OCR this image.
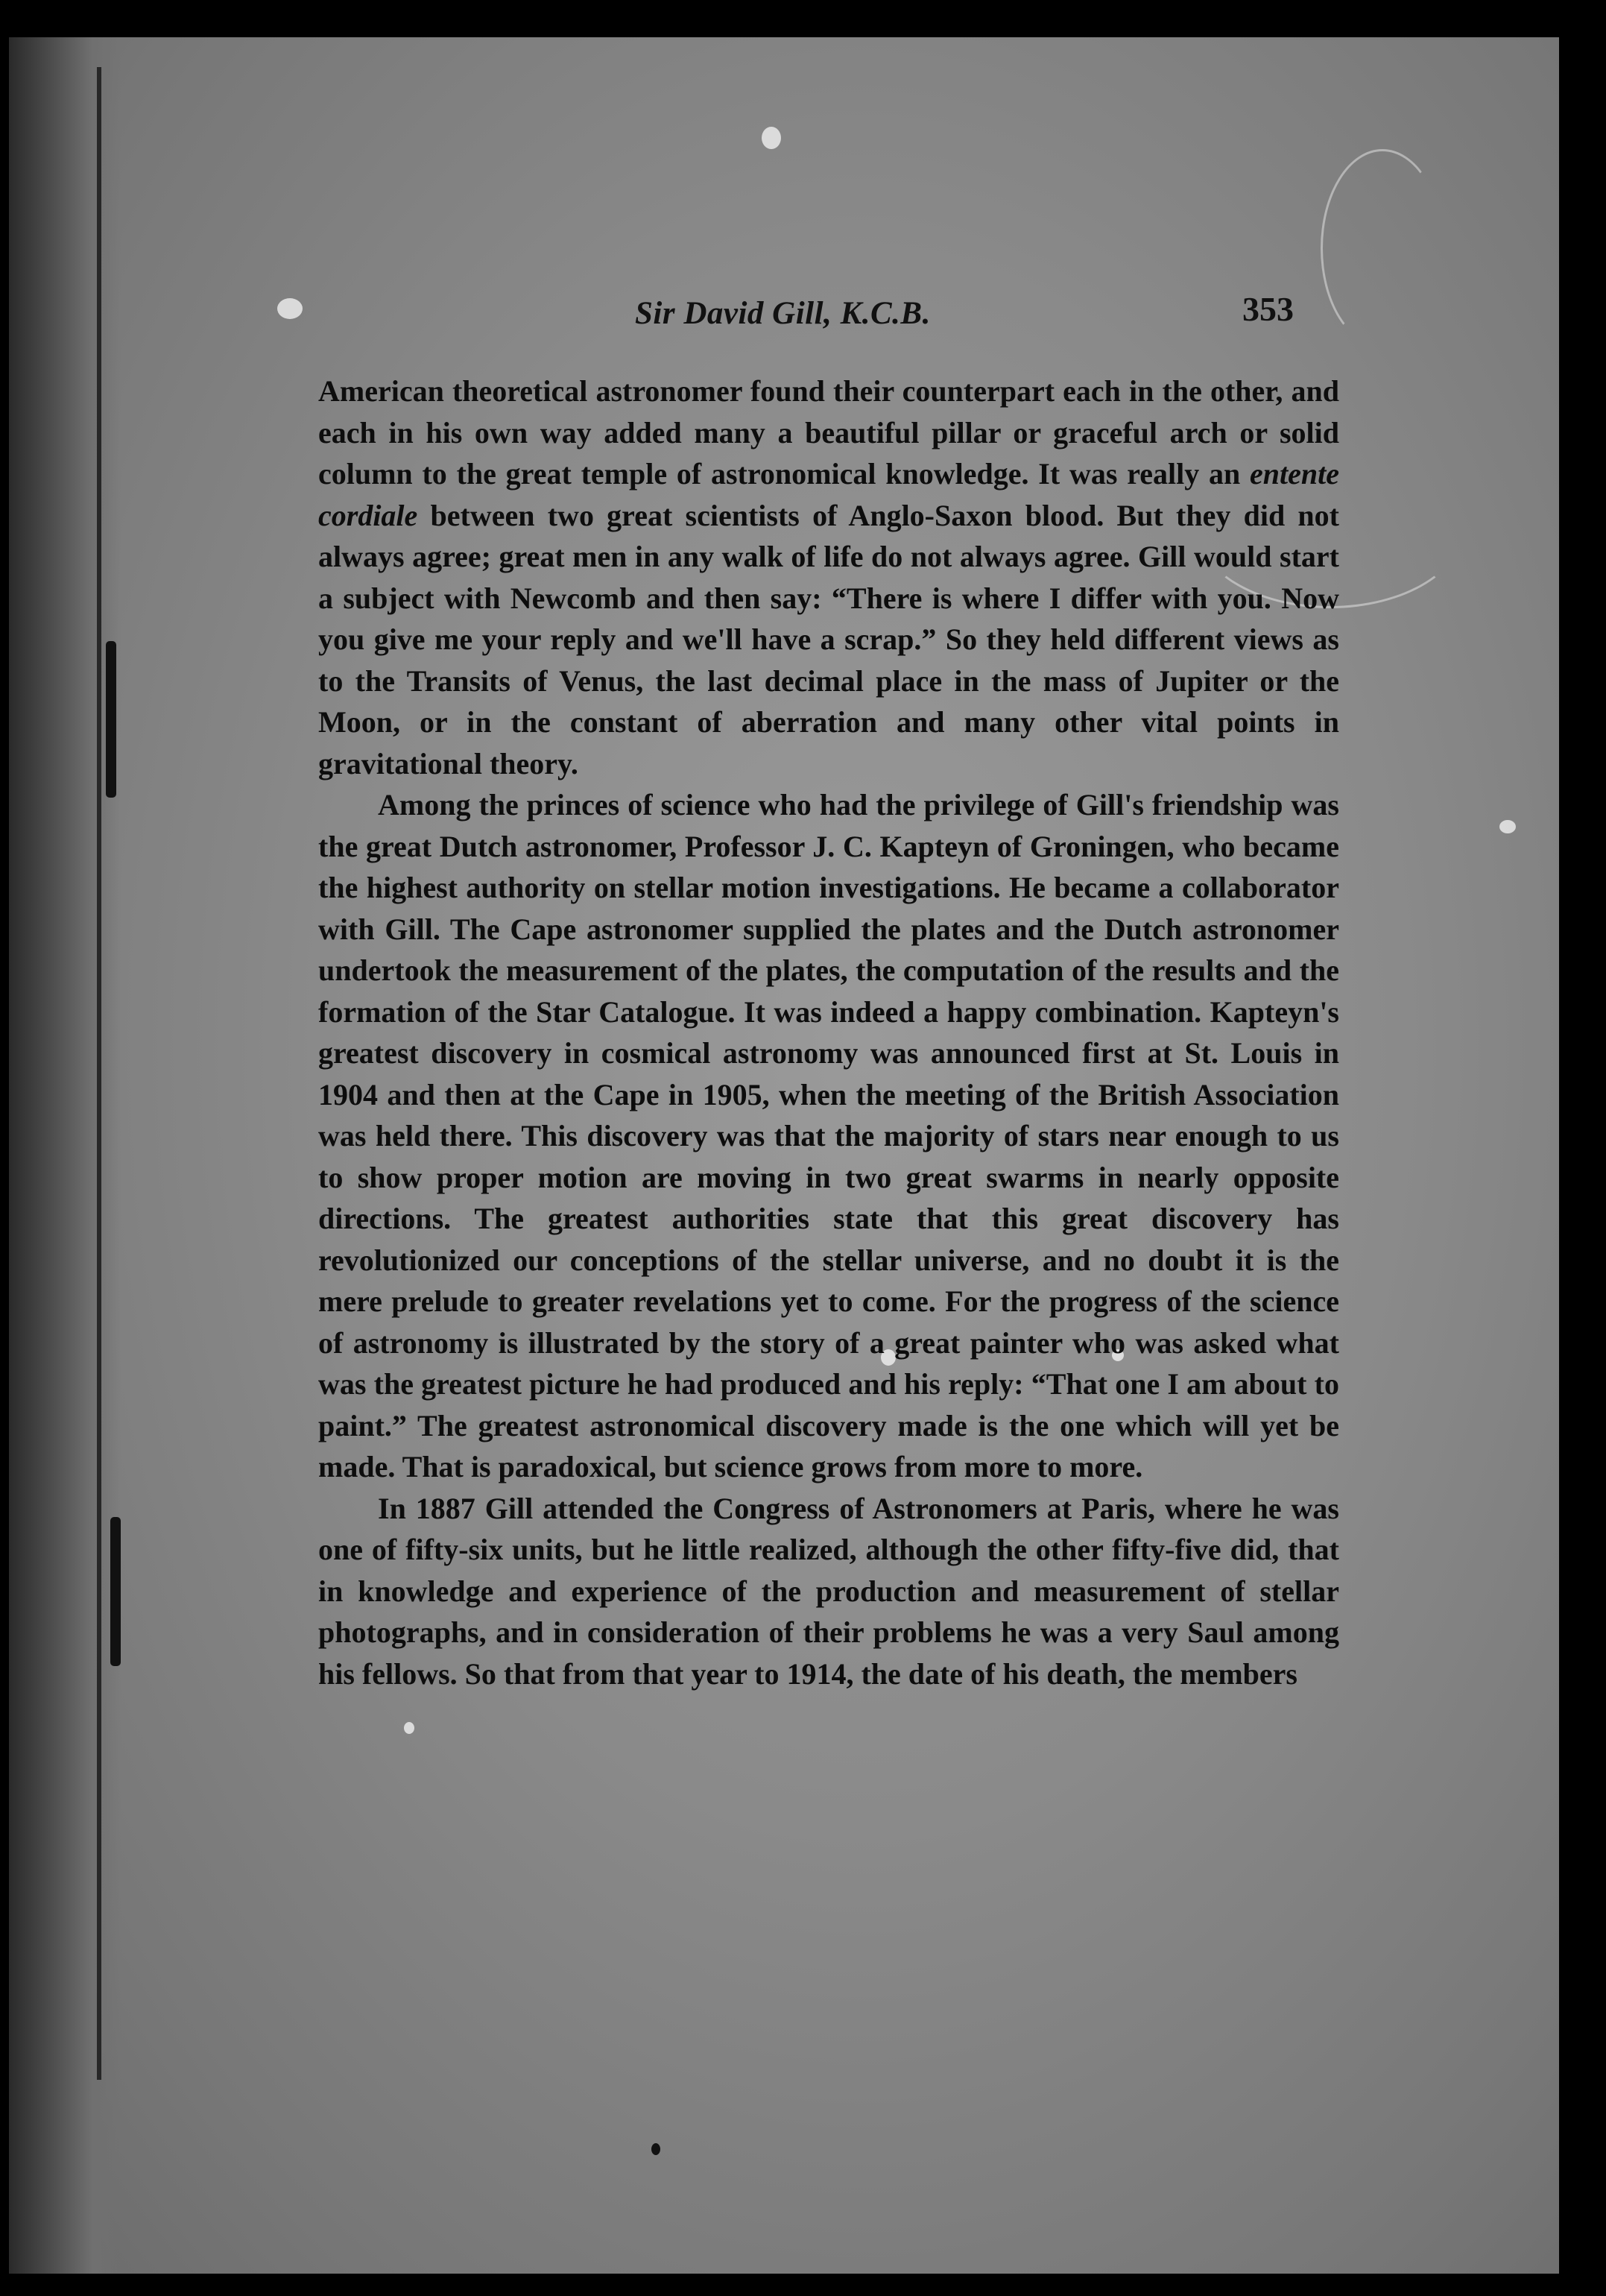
Sir David Gill, K.C.B.	353

American theoretical astronomer found their counterpart each in the other, and each in his own way added many a beautiful pillar or graceful arch or solid column to the great temple of astronomical knowledge. It was really an entente cordiale between two great scientists of Anglo-Saxon blood. But they did not always agree; great men in any walk of life do not always agree. Gill would start a subject with Newcomb and then say: “There is where I differ with you. Now you give me your reply and we'll have a scrap.” So they held different views as to the Transits of Venus, the last decimal place in the mass of Jupiter or the Moon, or in the constant of aberration and many other vital points in gravitational theory.

Among the princes of science who had the privilege of Gill's friendship was the great Dutch astronomer, Professor J. C. Kapteyn of Groningen, who became the highest authority on stellar motion investigations. He became a collaborator with Gill. The Cape astronomer supplied the plates and the Dutch astronomer undertook the measurement of the plates, the computation of the results and the formation of the Star Catalogue. It was indeed a happy combination. Kapteyn's greatest discovery in cosmical astronomy was announced first at St. Louis in 1904 and then at the Cape in 1905, when the meeting of the British Association was held there. This discovery was that the majority of stars near enough to us to show proper motion are moving in two great swarms in nearly opposite directions. The greatest authorities state that this great discovery has revolutionized our conceptions of the stellar universe, and no doubt it is the mere prelude to greater revelations yet to come. For the progress of the science of astronomy is illustrated by the story of a great painter who was asked what was the greatest picture he had produced and his reply: “That one I am about to paint.” The greatest astronomical discovery made is the one which will yet be made. That is paradoxical, but science grows from more to more.

In 1887 Gill attended the Congress of Astronomers at Paris, where he was one of fifty-six units, but he little realized, although the other fifty-five did, that in knowledge and experience of the production and measurement of stellar photographs, and in consideration of their problems he was a very Saul among his fellows. So that from that year to 1914, the date of his death, the members
